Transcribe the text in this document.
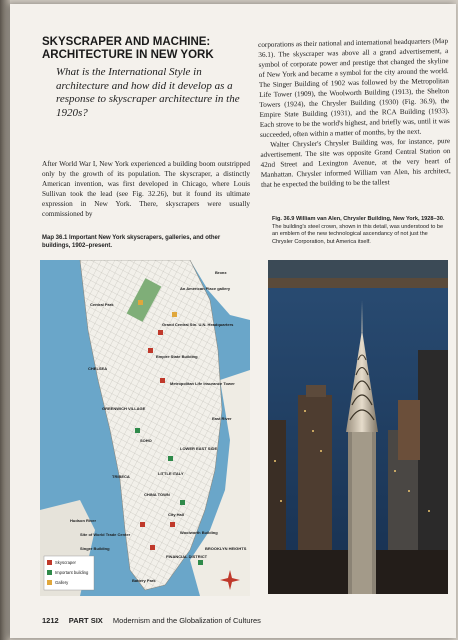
SKYSCRAPER AND MACHINE:
ARCHITECTURE IN NEW YORK

What is the International Style in architecture and how did it develop as a response to skyscraper architecture in the 1920s?

After World War I, New York experienced a building boom outstripped only by the growth of its population. The skyscraper, a distinctly American invention, was first developed in Chicago, where Louis Sullivan took the lead (see Fig. 32.26), but it found its ultimate expression in New York. There, skyscrapers were usually commissioned by

corporations as their national and international headquarters (Map 36.1). The skyscraper was above all a grand advertisement, a symbol of corporate power and prestige that changed the skyline of New York and became a symbol for the city around the world. The Singer Building of 1902 was followed by the Metropolitan Life Tower (1909), the Woolworth Building (1913), the Shelton Towers (1924), the Chrysler Building (1930) (Fig. 36.9), the Empire State Building (1931), and the RCA Building (1933). Each strove to be the world's highest, and briefly was, until it was succeeded, often within a matter of months, by the next.

Walter Chrysler's Chrysler Building was, for instance, pure advertisement. The site was opposite Grand Central Station on 42nd Street and Lexington Avenue, at the very heart of Manhattan. Chrysler informed William van Alen, his architect, that he expected the building to be the tallest

Map 36.1 Important New York skyscrapers, galleries, and other buildings, 1902–present.
Fig. 36.9 William van Alen, Chrysler Building, New York, 1928–30. The building's steel crown, shown in this detail, was understood to be an emblem of the new technological ascendancy of not just the Chrysler Corporation, but America itself.
Bronx
An American Place gallery
Grand Central Stn. U.N. Headquarters
Central Park
Empire State Building
Metropolitan Life Insurance Tower
CHELSEA
GREENWICH VILLAGE
SOHO
LOWER EAST SIDE
LITTLE ITALY
TRIBECA
CHINA TOWN
City Hall
Hudson River
Site of World Trade Center
Singer Building
FINANCIAL DISTRICT
Woolworth Building
BROOKLYN HEIGHTS
Battery Park
East River
Skyscraper
Important building
Gallery
1212 PART SIX Modernism and the Globalization of Cultures
